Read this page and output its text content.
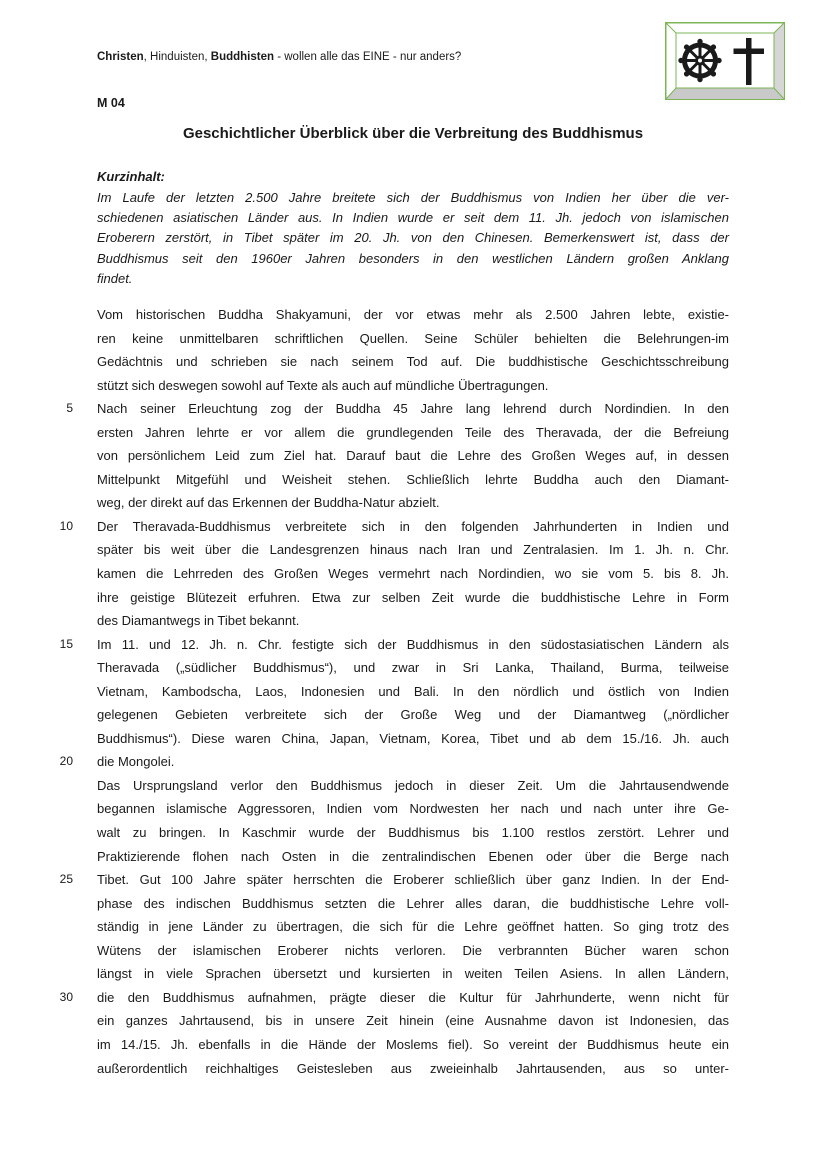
Christen, Hinduisten, Buddhisten - wollen alle das EINE - nur anders?
M 04
Geschichtlicher Überblick über die Verbreitung des Buddhismus
Kurzinhalt:
Im Laufe der letzten 2.500 Jahre breitete sich der Buddhismus von Indien her über die ver-
schiedenen asiatischen Länder aus. In Indien wurde er seit dem 11. Jh. jedoch von islamischen
Eroberern zerstört, in Tibet später im 20. Jh. von den Chinesen. Bemerkenswert ist, dass der
Buddhismus seit den 1960er Jahren besonders in den westlichen Ländern großen Anklang
findet.
Vom historischen Buddha Shakyamuni, der vor etwas mehr als 2.500 Jahren lebte, existie-
ren keine unmittelbaren schriftlichen Quellen. Seine Schüler behielten die Belehrungen-im
Gedächtnis und schrieben sie nach seinem Tod auf. Die buddhistische Geschichtsschreibung
stützt sich deswegen sowohl auf Texte als auch auf mündliche Übertragungen.
5 Nach seiner Erleuchtung zog der Buddha 45 Jahre lang lehrend durch Nordindien. In den
ersten Jahren lehrte er vor allem die grundlegenden Teile des Theravada, der die Befreiung
von persönlichem Leid zum Ziel hat. Darauf baut die Lehre des Großen Weges auf, in dessen
Mittelpunkt Mitgefühl und Weisheit stehen. Schließlich lehrte Buddha auch den Diamant-
weg, der direkt auf das Erkennen der Buddha-Natur abzielt.
10 Der Theravada-Buddhismus verbreitete sich in den folgenden Jahrhunderten in Indien und
später bis weit über die Landesgrenzen hinaus nach Iran und Zentralasien. Im 1. Jh. n. Chr.
kamen die Lehrreden des Großen Weges vermehrt nach Nordindien, wo sie vom 5. bis 8. Jh.
ihre geistige Blütezeit erfuhren. Etwa zur selben Zeit wurde die buddhistische Lehre in Form
des Diamantwegs in Tibet bekannt.
15 Im 11. und 12. Jh. n. Chr. festigte sich der Buddhismus in den südostasiatischen Ländern als
Theravada („südlicher Buddhismus“), und zwar in Sri Lanka, Thailand, Burma, teilweise
Vietnam, Kambodscha, Laos, Indonesien und Bali. In den nördlich und östlich von Indien
gelegenen Gebieten verbreitete sich der Große Weg und der Diamantweg („nördlicher
Buddhismus“). Diese waren China, Japan, Vietnam, Korea, Tibet und ab dem 15./16. Jh. auch
20 die Mongolei.
Das Ursprungsland verlor den Buddhismus jedoch in dieser Zeit. Um die Jahrtausendwende
begannen islamische Aggressoren, Indien vom Nordwesten her nach und nach unter ihre Ge-
walt zu bringen. In Kaschmir wurde der Buddhismus bis 1.100 restlos zerstört. Lehrer und
Praktizierende flohen nach Osten in die zentralindischen Ebenen oder über die Berge nach
25 Tibet. Gut 100 Jahre später herrschten die Eroberer schließlich über ganz Indien. In der End-
phase des indischen Buddhismus setzten die Lehrer alles daran, die buddhistische Lehre voll-
ständig in jene Länder zu übertragen, die sich für die Lehre geöffnet hatten. So ging trotz des
Wütens der islamischen Eroberer nichts verloren. Die verbrannten Bücher waren schon
längst in viele Sprachen übersetzt und kursierten in weiten Teilen Asiens. In allen Ländern,
30 die den Buddhismus aufnahmen, prägte dieser die Kultur für Jahrhunderte, wenn nicht für
ein ganzes Jahrtausend, bis in unsere Zeit hinein (eine Ausnahme davon ist Indonesien, das
im 14./15. Jh. ebenfalls in die Hände der Moslems fiel). So vereint der Buddhismus heute ein
außerordentlich reichhaltiges Geistesleben aus zweieinhalb Jahrtausenden, aus so unter-
